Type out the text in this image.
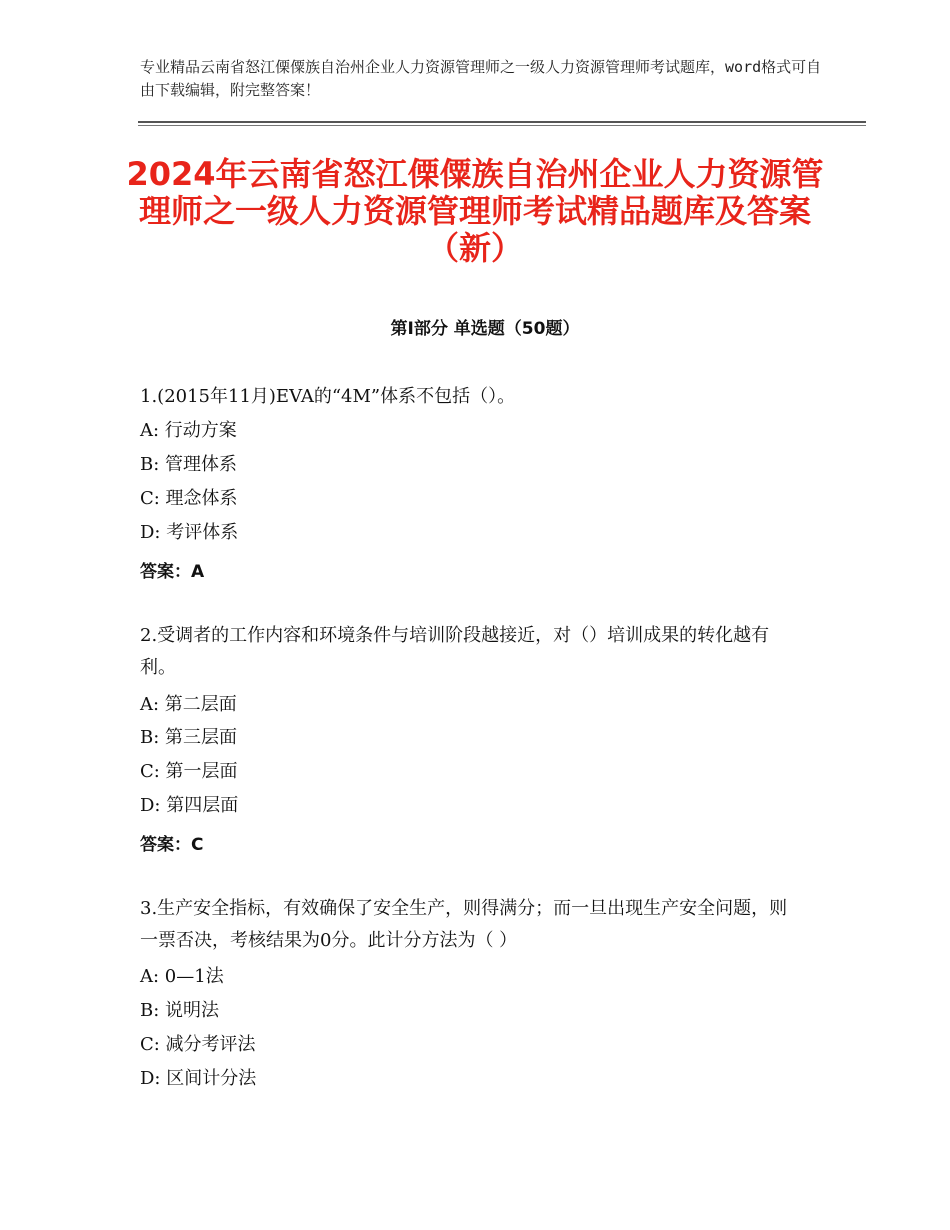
专业精品云南省怒江傈僳族自治州企业人力资源管理师之一级人力资源管理师考试题库，word格式可自由下载编辑，附完整答案！
2024年云南省怒江傈僳族自治州企业人力资源管理师之一级人力资源管理师考试精品题库及答案（新）
第Ⅰ部分 单选题（50题）
1.(2015年11月)EVA的“4M”体系不包括（）。
A: 行动方案
B: 管理体系
C: 理念体系
D: 考评体系
答案：A
2.受调者的工作内容和环境条件与培训阶段越接近，对（）培训成果的转化越有利。
A: 第二层面
B: 第三层面
C: 第一层面
D: 第四层面
答案：C
3.生产安全指标，有效确保了安全生产，则得满分；而一旦出现生产安全问题，则一票否决，考核结果为0分。此计分方法为（ ）
A: 0—1法
B: 说明法
C: 减分考评法
D: 区间计分法
